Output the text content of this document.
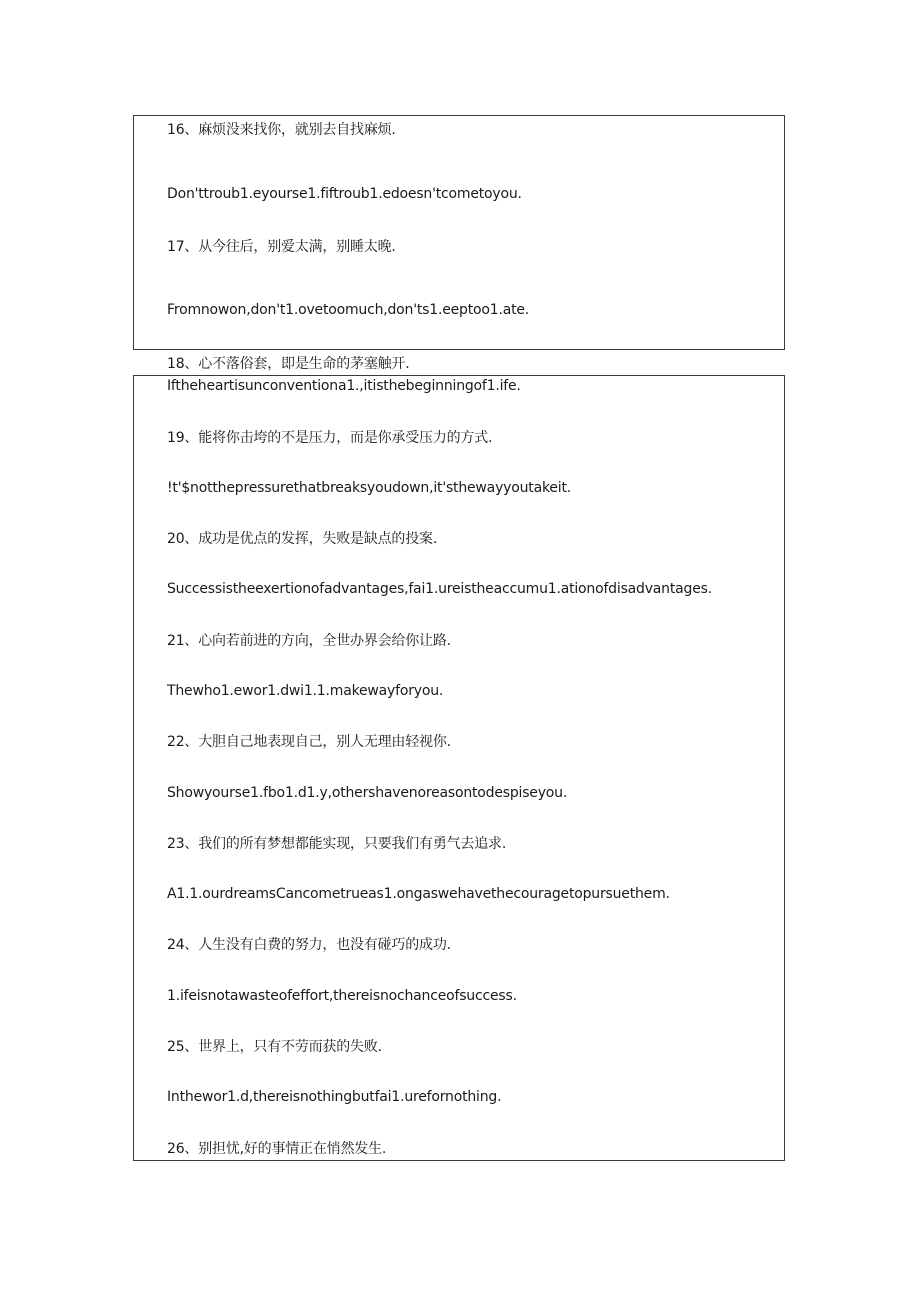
16、麻烦没来找你，就别去自找麻烦.
Don'ttroub1.eyourse1.fiftroub1.edoesn'tcometoyou.
17、从今往后，别爱太满，别睡太晚.
Fromnowon,don't1.ovetoomuch,don'ts1.eeptoo1.ate.
18、心不落俗套，即是生命的茅塞触开.
Iftheheartisunconventiona1.,itisthebeginningof1.ife.
19、能将你击垮的不是压力，而是你承受压力的方式.
!t'$notthepressurethatbreaksyoudown,it'sthewayyoutakeit.
20、成功是优点的发挥，失败是缺点的投案.
Successistheexertionofadvantages,fai1.ureistheaccumu1.ationofdisadvantages.
21、心向若前进的方向，全世办界会给你让路.
Thewho1.ewor1.dwi1.1.makewayforyou.
22、大胆自己地表现自己，别人无理由轻视你.
Showyourse1.fbo1.d1.y,othershavenoreasontodespiseyou.
23、我们的所有梦想都能实现，只要我们有勇气去追求.
A1.1.ourdreamsCancometrueas1.ongaswehavethecouragetopursuethem.
24、人生没有白费的努力，也没有碰巧的成功.
1.ifeisnotawasteofeffort,thereisnochanceofsuccess.
25、世界上，只有不劳而获的失败.
Inthewor1.d,thereisnothingbutfai1.urefornothing.
26、别担忧,好的事情正在悄然发生.
